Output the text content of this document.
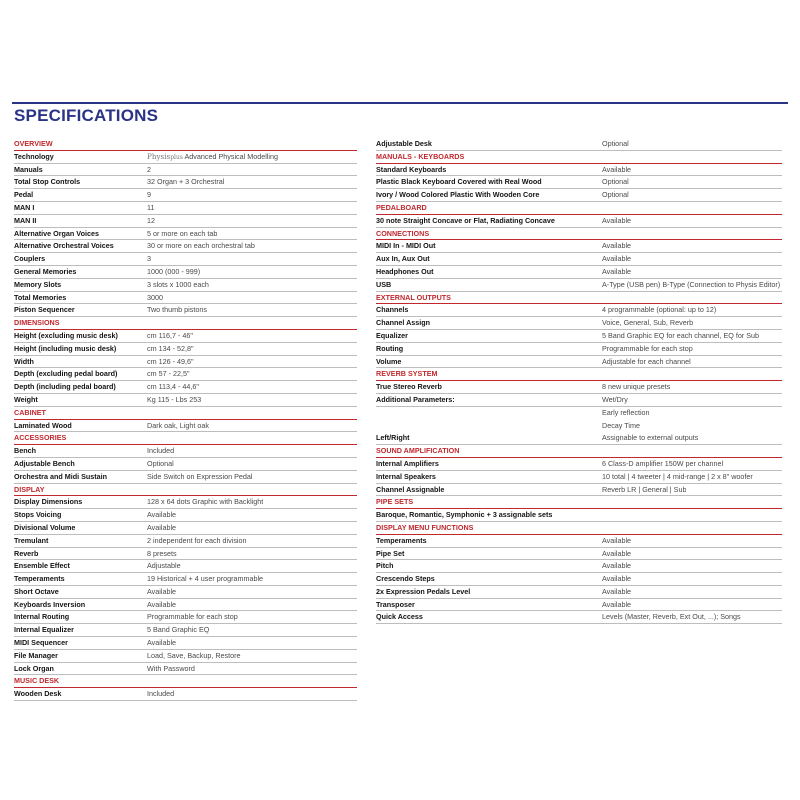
SPECIFICATIONS
OVERVIEW
Technology	Physisplus Advanced Physical Modelling
Manuals	2
Total Stop Controls	32 Organ + 3 Orchestral
Pedal	9
MAN I	11
MAN II	12
Alternative Organ Voices	5 or more on each tab
Alternative Orchestral Voices	30 or more on each orchestral tab
Couplers	3
General Memories	1000 (000 - 999)
Memory Slots	3 slots x 1000 each
Total Memories	3000
Piston Sequencer	Two thumb pistons
DIMENSIONS
Height (excluding music desk)	cm 116,7 - 46"
Height (including music desk)	cm 134 - 52,8"
Width	cm 126 - 49,6"
Depth (excluding pedal board)	cm 57 - 22,5"
Depth (including pedal board)	cm 113,4 - 44,6"
Weight	Kg 115 - Lbs 253
CABINET
Laminated Wood	Dark oak, Light oak
ACCESSORIES
Bench	Included
Adjustable Bench	Optional
Orchestra and Midi Sustain	Side Switch on Expression Pedal
DISPLAY
Display Dimensions	128 x 64 dots Graphic with Backlight
Stops Voicing	Available
Divisional Volume	Available
Tremulant	2 independent for each division
Reverb	8 presets
Ensemble Effect	Adjustable
Temperaments	19 Historical + 4 user programmable
Short Octave	Available
Keyboards Inversion	Available
Internal Routing	Programmable for each stop
Internal Equalizer	5 Band Graphic EQ
MIDI Sequencer	Available
File Manager	Load, Save, Backup, Restore
Lock Organ	With Password
MUSIC DESK
Wooden Desk	Included
Adjustable Desk	Optional
MANUALS - KEYBOARDS
Standard Keyboards	Available
Plastic Black Keyboard Covered with Real Wood	Optional
Ivory / Wood Colored Plastic With Wooden Core	Optional
PEDALBOARD
30 note Straight Concave or Flat, Radiating Concave	Available
CONNECTIONS
MIDI In - MIDI Out	Available
Aux In, Aux Out	Available
Headphones Out	Available
USB	A-Type (USB pen) B-Type (Connection to Physis Editor)
EXTERNAL OUTPUTS
Channels	4 programmable (optional: up to 12)
Channel Assign	Voice, General, Sub, Reverb
Equalizer	5 Band Graphic EQ for each channel, EQ for Sub
Routing	Programmable for each stop
Volume	Adjustable for each channel
REVERB SYSTEM
True Stereo Reverb	8 new unique presets
Additional Parameters:	Wet/Dry
Early reflection
Decay Time
Left/Right	Assignable to external outputs
SOUND AMPLIFICATION
Internal Amplifiers	6 Class-D amplifier 150W per channel
Internal Speakers	10 total | 4 tweeter | 4 mid-range | 2 x 8" woofer
Channel Assignable	Reverb LR | General | Sub
PIPE SETS
Baroque, Romantic, Symphonic + 3 assignable sets
DISPLAY MENU FUNCTIONS
Temperaments	Available
Pipe Set	Available
Pitch	Available
Crescendo Steps	Available
2x Expression Pedals Level	Available
Transposer	Available
Quick Access	Levels (Master, Reverb, Ext Out, ...); Songs
